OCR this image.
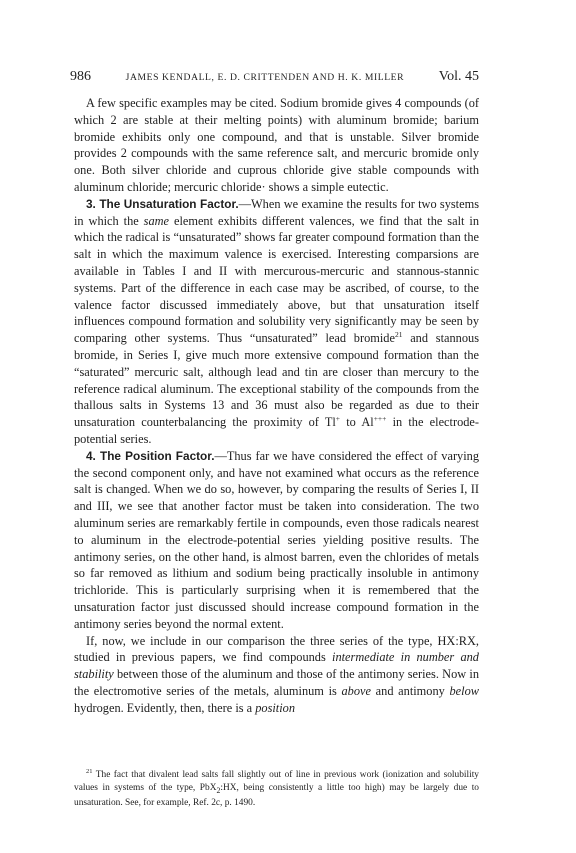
986	JAMES KENDALL, E. D. CRITTENDEN AND H. K. MILLER Vol. 45

A few specific examples may be cited. Sodium bromide gives 4 compounds (of which 2 are stable at their melting points) with aluminum bromide; barium bromide exhibits only one compound, and that is unstable. Silver bromide provides 2 compounds with the same reference salt, and mercuric bromide only one. Both silver chloride and cuprous chloride give stable compounds with aluminum chloride; mercuric chloride· shows a simple eutectic.

3. The Unsaturation Factor.—When we examine the results for two systems in which the same element exhibits different valences, we find that the salt in which the radical is “unsaturated” shows far greater compound formation than the salt in which the maximum valence is exercised. Interesting comparsions are available in Tables I and II with mercurous-mercuric and stannous-stannic systems. Part of the difference in each case may be ascribed, of course, to the valence factor discussed immediately above, but that unsaturation itself influences compound formation and solubility very significantly may be seen by comparing other systems. Thus “unsaturated” lead bromide$^{21}$ and stannous bromide, in Series I, give much more extensive compound formation than the “saturated” mercuric salt, although lead and tin are closer than mercury to the reference radical aluminum. The exceptional stability of the compounds from the thallous salts in Systems 13 and 36 must also be regarded as due to their unsaturation counterbalancing the proximity of Tl+ to Al+++ in the electrode-potential series.

4. The Position Factor.—Thus far we have considered the effect of varying the second component only, and have not examined what occurs as the reference salt is changed. When we do so, however, by comparing the results of Series I, II and III, we see that another factor must be taken into consideration. The two aluminum series are remarkably fertile in compounds, even those radicals nearest to aluminum in the electrode-potential series yielding positive results. The antimony series, on the other hand, is almost barren, even the chlorides of metals so far removed as lithium and sodium being practically insoluble in antimony trichloride. This is particularly surprising when it is remembered that the unsaturation factor just discussed should increase compound formation in the antimony series beyond the normal extent.

If, now, we include in our comparison the three series of the type, HX:RX, studied in previous papers, we find compounds intermediate in number and stability between those of the aluminum and those of the antimony series. Now in the electromotive series of the metals, aluminum is above and antimony below hydrogen. Evidently, then, there is a position

$^{21}$ The fact that divalent lead salts fall slightly out of line in previous work (ionization and solubility values in systems of the type, PbX$_2$:HX, being consistently a little too high) may be largely due to unsaturation. See, for example, Ref. 2c, p. 1490.
